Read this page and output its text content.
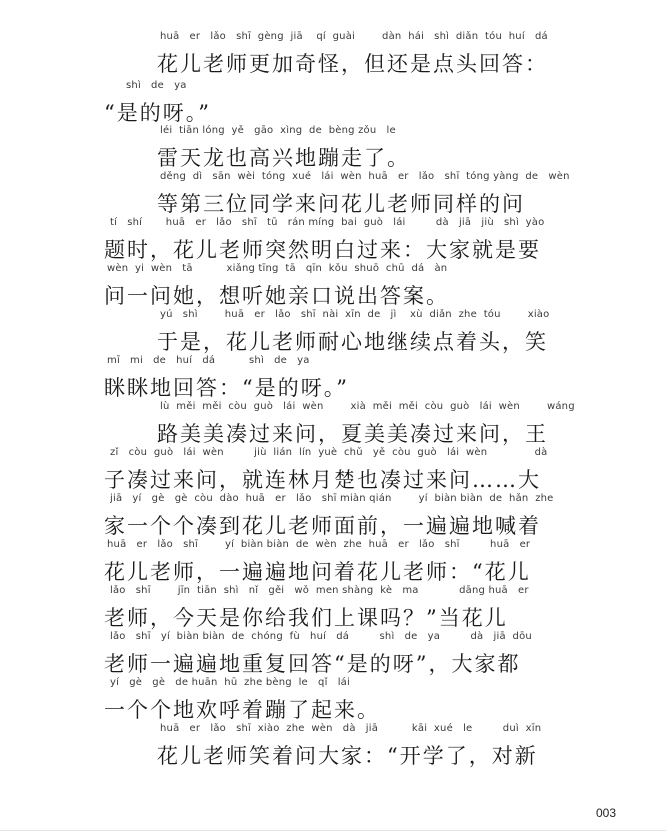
huā   er   lǎo   shī  gèng  jiā    qí  guài        dàn  hái   shì  diǎn  tóu  huí   dá
花儿老师更加奇怪，但还是点头回答：
shì   de   ya
“是的呀。”
léi  tiān lóng  yě   gāo  xìng  de  bèng zǒu   le
雷天龙也高兴地蹦走了。
děng  dì   sān  wèi  tóng  xué   lái  wèn  huā   er   lǎo   shī  tóng yàng  de   wèn
等第三位同学来问花儿老师同样的问
tí   shí       huā   er   lǎo   shī   tū   rán míng  bai  guò   lái         dà   jiā   jiù   shì  yào
题时，花儿老师突然明白过来：大家就是要
wèn  yi  wèn   tā          xiǎng tīng  tā   qīn  kǒu  shuō  chū  dá   àn
问一问她，想听她亲口说出答案。
yú   shì        huā   er   lǎo   shī  nài  xīn  de   jì    xù  diǎn  zhe  tóu        xiào
于是，花儿老师耐心地继续点着头，笑
mī   mi   de   huí   dá          shì   de   ya
眯眯地回答：“是的呀。”
lù  měi  měi  còu  guò   lái  wèn        xià  měi  měi  còu  guò   lái  wèn        wáng
路美美凑过来问，夏美美凑过来问，王
zǐ   còu  guò   lái  wèn         jiù  lián  lín  yuè  chǔ   yě  còu  guò   lái  wèn              dà
子凑过来问，就连林月楚也凑过来问……大
jiā   yí   gè   gè  còu  dào  huā   er   lǎo   shī miàn qián        yí  biàn biàn  de  hǎn  zhe
家一个个凑到花儿老师面前，一遍遍地喊着
huā   er   lǎo   shī        yí  biàn biàn  de  wèn  zhe  huā   er   lǎo   shī         huā   er
花儿老师，一遍遍地问着花儿老师：“花儿
lǎo   shī        jīn  tiān  shì   nǐ   gěi   wǒ  men shàng  kè   ma            dāng huā   er
老师，今天是你给我们上课吗？”当花儿
lǎo   shī   yí  biàn biàn  de  chóng  fù   huí   dá         shì   de   ya         dà   jiā  dōu
老师一遍遍地重复回答“是的呀”，大家都
yí   gè   gè   de huān  hū  zhe bèng  le   qǐ   lái
一个个地欢呼着蹦了起来。
huā   er   lǎo   shī  xiào  zhe  wèn   dà   jiā          kāi  xué   le         duì  xīn
花儿老师笑着问大家：“开学了，对新
003
